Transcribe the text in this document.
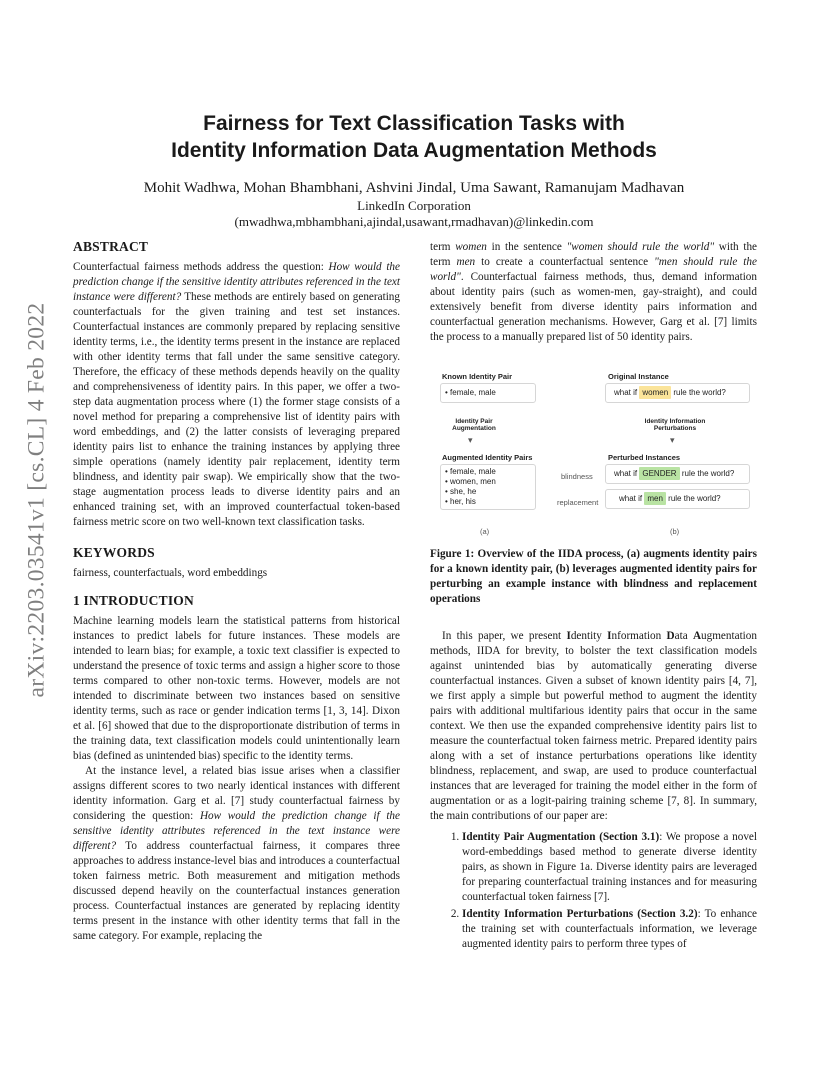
arXiv:2203.03541v1 [cs.CL] 4 Feb 2022
Fairness for Text Classification Tasks with
Identity Information Data Augmentation Methods
Mohit Wadhwa, Mohan Bhambhani, Ashvini Jindal, Uma Sawant, Ramanujam Madhavan
LinkedIn Corporation
(mwadhwa,mbhambhani,ajindal,usawant,rmadhavan)@linkedin.com
ABSTRACT

Counterfactual fairness methods address the question: How would the prediction change if the sensitive identity attributes referenced in the text instance were different? These methods are entirely based on generating counterfactuals for the given training and test set instances. Counterfactual instances are commonly prepared by replacing sensitive identity terms, i.e., the identity terms present in the instance are replaced with other identity terms that fall under the same sensitive category. Therefore, the efficacy of these methods depends heavily on the quality and comprehensiveness of identity pairs. In this paper, we offer a two-step data augmentation process where (1) the former stage consists of a novel method for preparing a comprehensive list of identity pairs with word embeddings, and (2) the latter consists of leveraging prepared identity pairs list to enhance the training instances by applying three simple operations (namely identity pair replacement, identity term blindness, and identity pair swap). We empirically show that the two-stage augmentation process leads to diverse identity pairs and an enhanced training set, with an improved counterfactual token-based fairness metric score on two well-known text classification tasks.

KEYWORDS

fairness, counterfactuals, word embeddings

1 INTRODUCTION

Machine learning models learn the statistical patterns from historical instances to predict labels for future instances. These models are intended to learn bias; for example, a toxic text classifier is expected to understand the presence of toxic terms and assign a higher score to those terms compared to other non-toxic terms. However, models are not intended to discriminate between two instances based on sensitive identity terms, such as race or gender indication terms [1, 3, 14]. Dixon et al. [6] showed that due to the disproportionate distribution of terms in the training data, text classification models could unintentionally learn bias (defined as unintended bias) specific to the identity terms.

At the instance level, a related bias issue arises when a classifier assigns different scores to two nearly identical instances with different identity information. Garg et al. [7] study counterfactual fairness by considering the question: How would the prediction change if the sensitive identity attributes referenced in the text instance were different? To address counterfactual fairness, it compares three approaches to address instance-level bias and introduces a counterfactual token fairness metric. Both measurement and mitigation methods discussed depend heavily on the counterfactual instances generation process. Counterfactual instances are generated by replacing identity terms present in the instance with other identity terms that fall in the same category. For example, replacing the

term women in the sentence "women should rule the world" with the term men to create a counterfactual sentence "men should rule the world". Counterfactual fairness methods, thus, demand information about identity pairs (such as women-men, gay-straight), and could extensively benefit from diverse identity pairs information and counterfactual generation mechanisms. However, Garg et al. [7] limits the process to a manually prepared list of 50 identity pairs.

Known Identity Pair
• female, male
Identity Pair Augmentation
▾
Augmented Identity Pairs
• female, male
• women, men
• she, he
• her, his
Original Instance
what if women rule the world?
Identity Information Perturbations
▾
Perturbed Instances
blindness	what if GENDER rule the world?
replacement	what if men rule the world?
(a)	(b)

Figure 1: Overview of the IIDA process, (a) augments identity pairs for a known identity pair, (b) leverages augmented identity pairs for perturbing an example instance with blindness and replacement operations

In this paper, we present Identity Information Data Augmentation methods, IIDA for brevity, to bolster the text classification models against unintended bias by automatically generating diverse counterfactual instances. Given a subset of known identity pairs [4, 7], we first apply a simple but powerful method to augment the identity pairs with additional multifarious identity pairs that occur in the same context. We then use the expanded comprehensive identity pairs list to measure the counterfactual token fairness metric. Prepared identity pairs along with a set of instance perturbations operations like identity blindness, replacement, and swap, are used to produce counterfactual instances that are leveraged for training the model either in the form of augmentation or as a logit-pairing training scheme [7, 8]. In summary, the main contributions of our paper are:

1. Identity Pair Augmentation (Section 3.1): We propose a novel word-embeddings based method to generate diverse identity pairs, as shown in Figure 1a. Diverse identity pairs are leveraged for preparing counterfactual training instances and for measuring counterfactual token fairness [7].
2. Identity Information Perturbations (Section 3.2): To enhance the training set with counterfactuals information, we leverage augmented identity pairs to perform three types of
